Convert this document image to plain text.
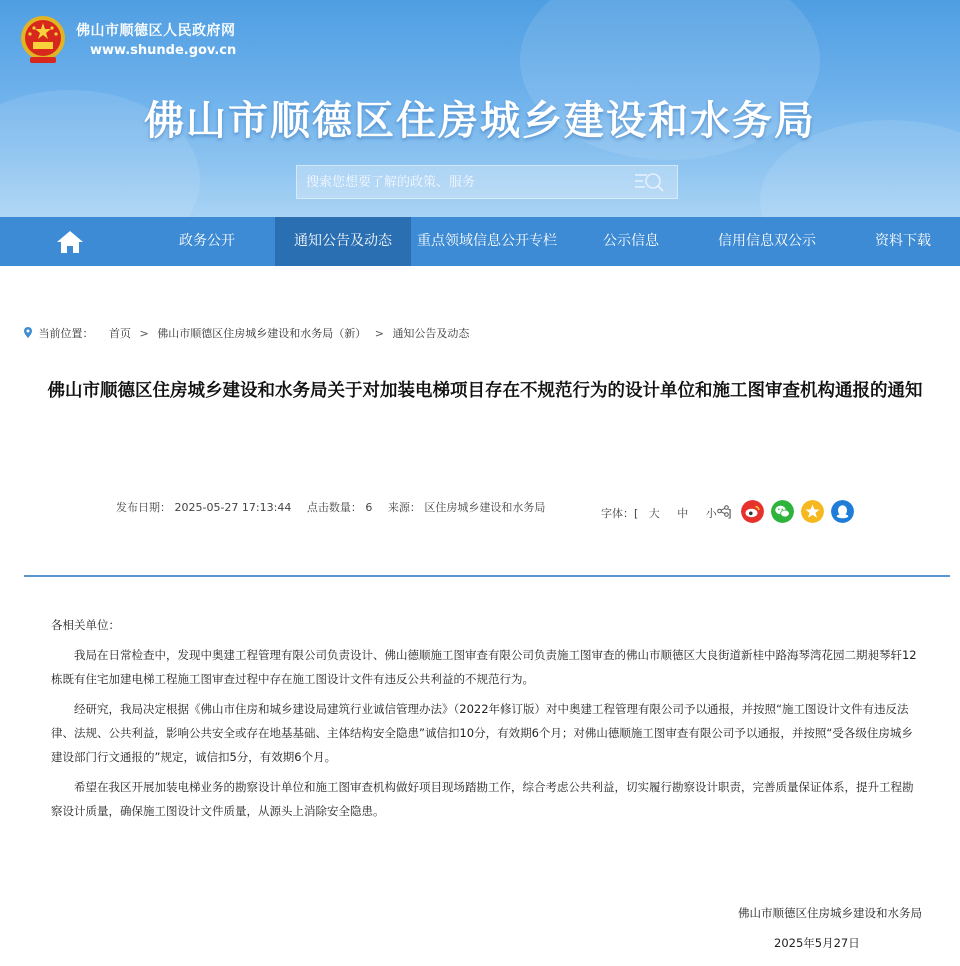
佛山市顺德区人民政府网
www.shunde.gov.cn
佛山市顺德区住房城乡建设和水务局
搜索您想要了解的政策、服务
政务公开	通知公告及动态	重点领域信息公开专栏	公示信息	信用信息双公示	资料下载
当前位置： 首页 > 佛山市顺德区住房城乡建设和水务局（新） > 通知公告及动态
佛山市顺德区住房城乡建设和水务局关于对加装电梯项目存在不规范行为的设计单位和施工图审查机构通报的通知
发布日期： 2025-05-27 17:13:44 点击数量： 6 来源： 区住房城乡建设和水务局	字体：[ 大 中 小 ]

各相关单位：

我局在日常检查中，发现中奥建工程管理有限公司负责设计、佛山德顺施工图审查有限公司负责施工图审查的佛山市顺德区大良街道新桂中路海琴湾花园二期昶琴轩12栋既有住宅加建电梯工程施工图审查过程中存在施工图设计文件有违反公共利益的不规范行为。

经研究，我局决定根据《佛山市住房和城乡建设局建筑行业诚信管理办法》（2022年修订版）对中奥建工程管理有限公司予以通报，并按照“施工图设计文件有违反法律、法规、公共利益，影响公共安全或存在地基基础、主体结构安全隐患”诚信扣10分，有效期6个月；对佛山德顺施工图审查有限公司予以通报，并按照“受各级住房城乡建设部门行文通报的”规定，诚信扣5分，有效期6个月。

希望在我区开展加装电梯业务的勘察设计单位和施工图审查机构做好项目现场踏勘工作，综合考虑公共利益，切实履行勘察设计职责，完善质量保证体系，提升工程勘察设计质量，确保施工图设计文件质量，从源头上消除安全隐患。

佛山市顺德区住房城乡建设和水务局
2025年5月27日
